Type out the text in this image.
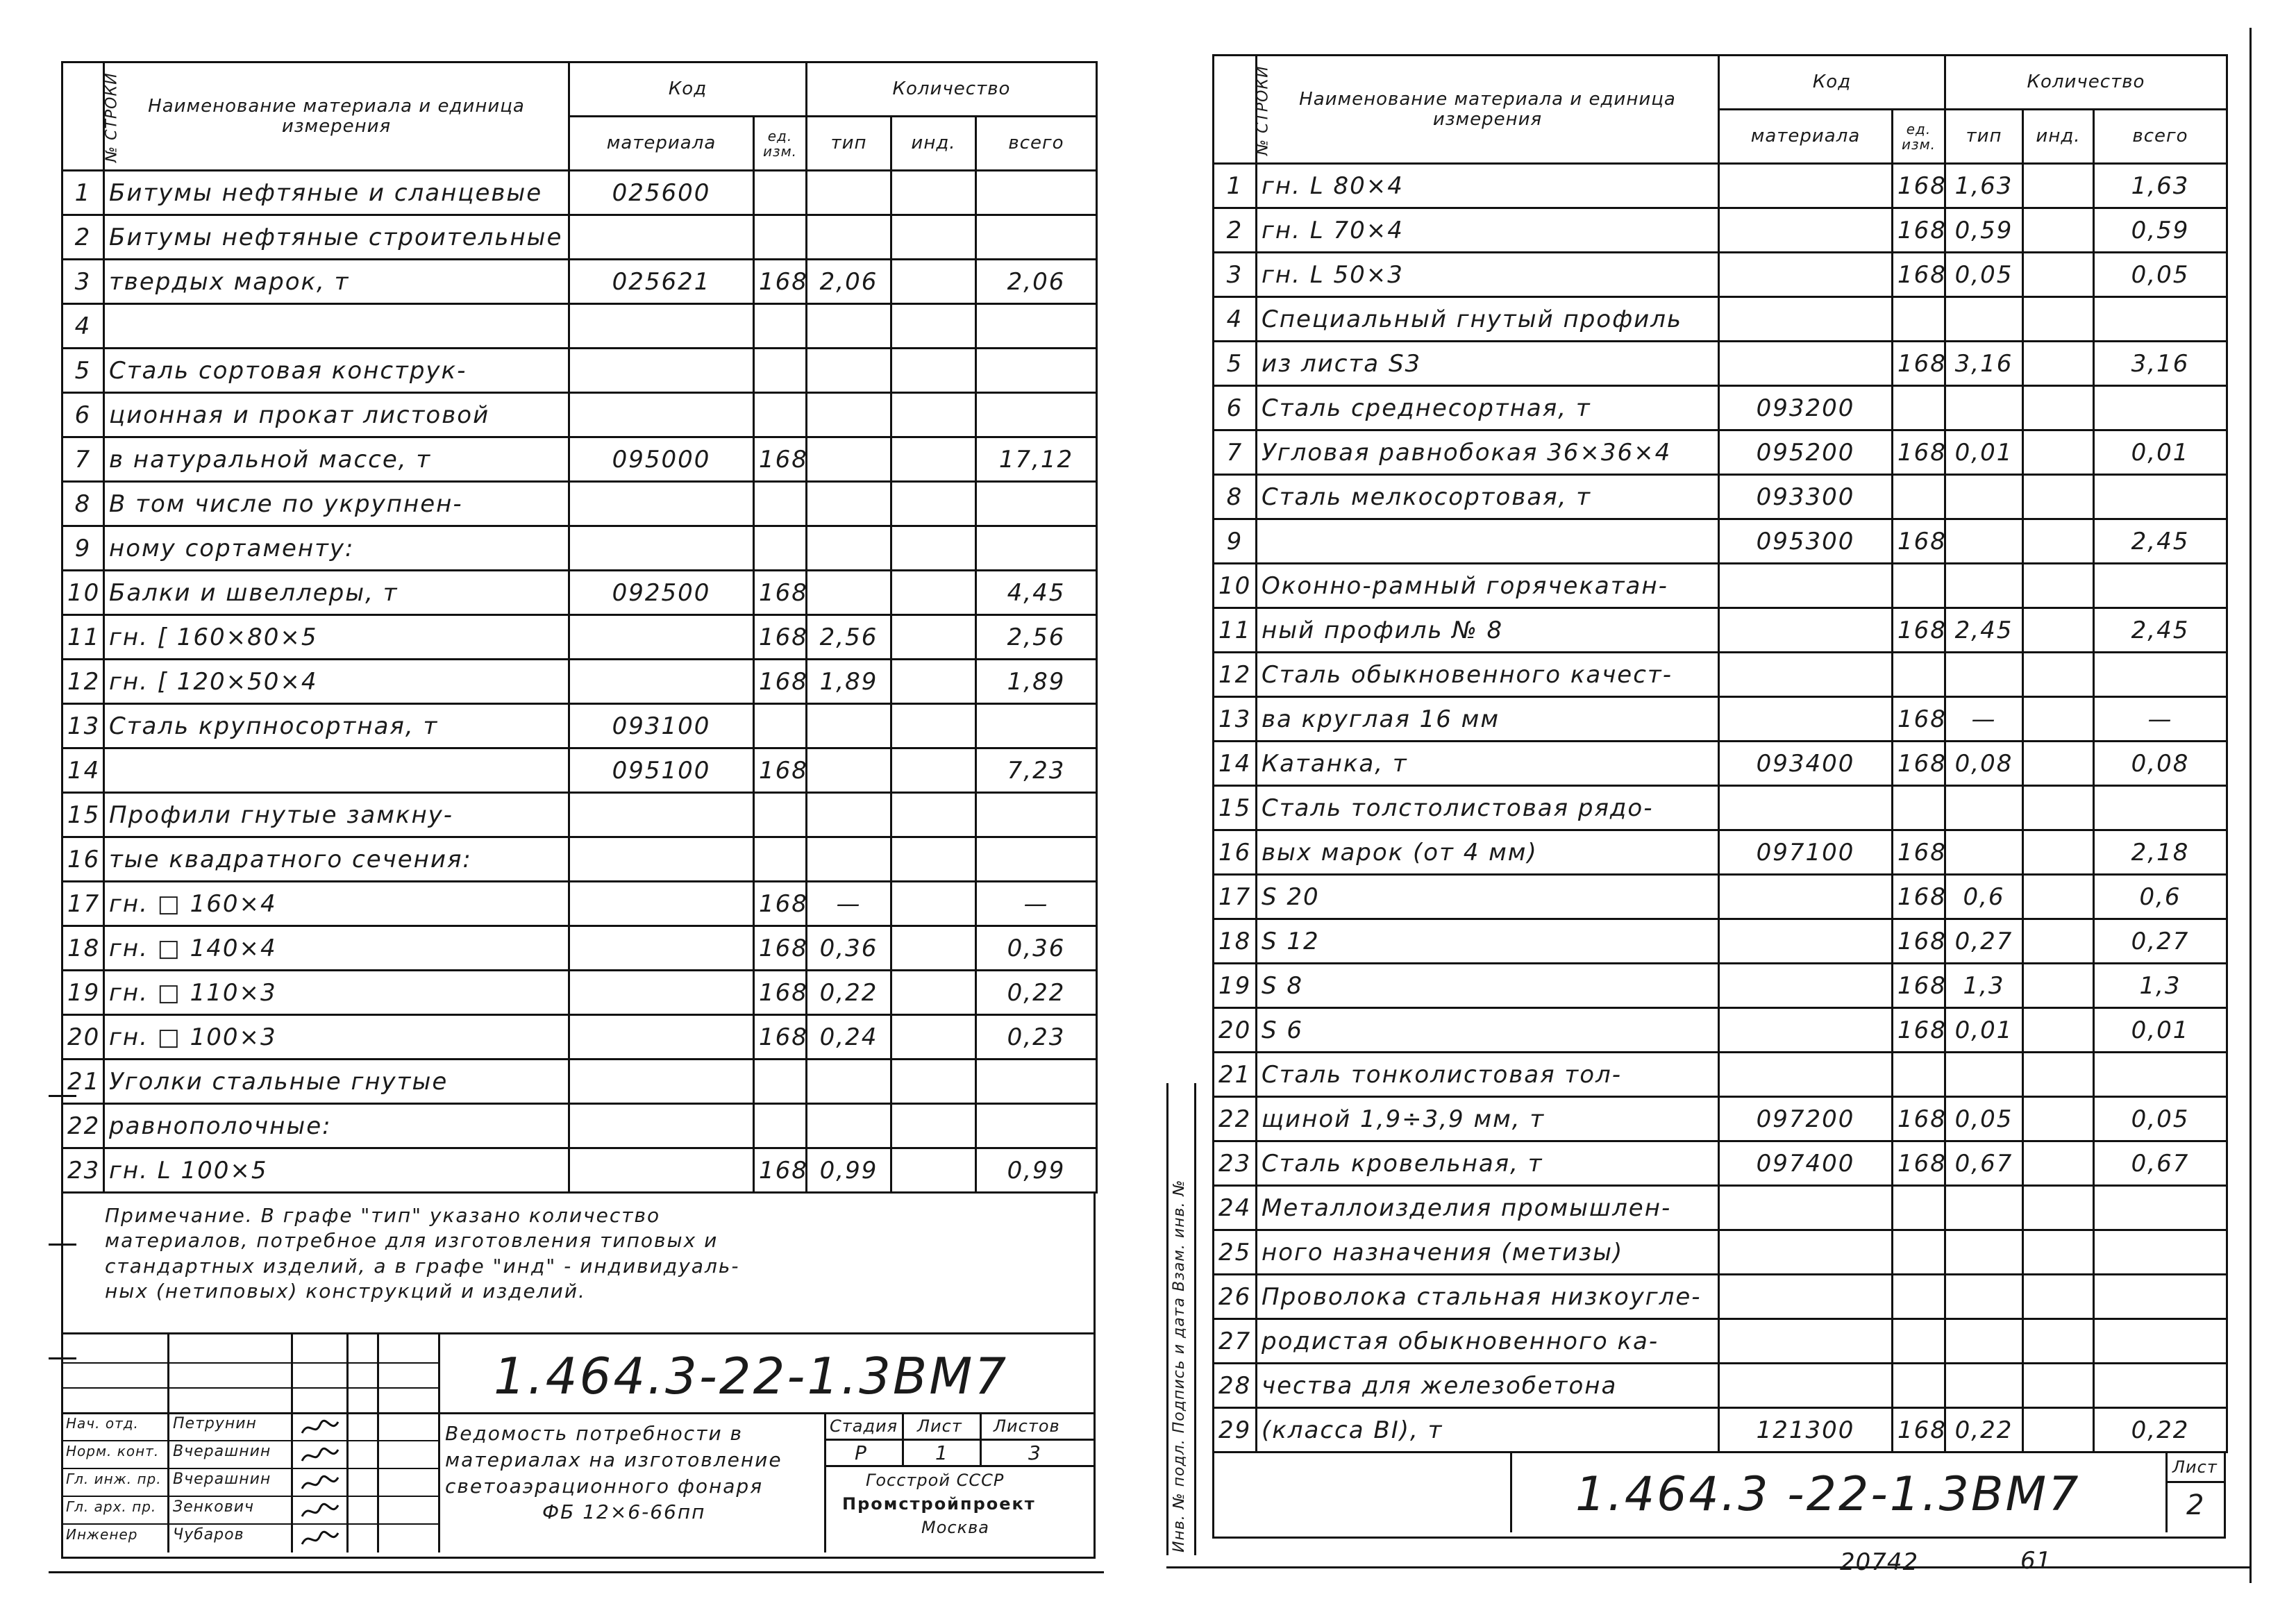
№ СТРОКИ	Наименование материала и единица измерения	Код		Количество		
		материала	ед. изм.	тип	инд.	всего
1	Битумы нефтяные и сланцевые	025600				
2	Битумы нефтяные строительные					
3	твердых марок, т	025621	168	2,06		2,06
4						
5	Сталь сортовая конструк-					
6	ционная и прокат листовой					
7	в натуральной массе, т	095000	168			17,12
8	В том числе по укрупнен-					
9	ному сортаменту:					
10	Балки и швеллеры, т	092500	168			4,45
11	гн. [ 160×80×5		168	2,56		2,56
12	гн. [ 120×50×4		168	1,89		1,89
13	Сталь крупносортная, т	093100				
14		095100	168			7,23
15	Профили гнутые замкну-					
16	тые квадратного сечения:					
17	гн. □ 160×4		168	—		—
18	гн. □ 140×4		168	0,36		0,36
19	гн. □ 110×3		168	0,22		0,22
20	гн. □ 100×3		168	0,24		0,23
21	Уголки стальные гнутые					
22	равнополочные:					
23	гн. L 100×5		168	0,99		0,99
Примечание. В графе "тип" указано количество
материалов, потребное для изготовления типовых и
стандартных изделий, а в графе "инд" - индивидуаль-
ных (нетиповых) конструкций и изделий.
Нач. отд. Петрунин
Норм. конт. Вчерашнин
Гл. инж. пр. Вчерашнин
Гл. арх. пр. Зенкович
Инженер Чубаров
1.464.3-22-1.3ВМ7
Ведомость потребности в
материалах на изготовление
светоаэрационного фонаря
ФБ 12×6-66пп
Стадия Лист Листов
Р	1	3
Госстрой СССР
Промстройпроект
Москва
№ СТРОКИ	Наименование материала и единица измерения	Код		Количество		
		материала	ед. изм.	тип	инд.	всего
1	гн. L 80×4		168	1,63		1,63
2	гн. L 70×4		168	0,59		0,59
3	гн. L 50×3		168	0,05		0,05
4	Специальный гнутый профиль					
5	из листа S3		168	3,16		3,16
6	Сталь среднесортная, т	093200				
7	Угловая равнобокая 36×36×4	095200	168	0,01		0,01
8	Сталь мелкосортовая, т	093300				
9		095300	168			2,45
10	Оконно-рамный горячекатан-					
11	ный профиль № 8		168	2,45		2,45
12	Сталь обыкновенного качест-					
13	ва круглая 16 мм		168	—		—
14	Катанка, т	093400	168	0,08		0,08
15	Сталь толстолистовая рядо-					
16	вых марок (от 4 мм)	097100	168			2,18
17	S 20		168	0,6		0,6
18	S 12		168	0,27		0,27
19	S 8		168	1,3		1,3
20	S 6		168	0,01		0,01
21	Сталь тонколистовая тол-					
22	щиной 1,9÷3,9 мм, т	097200	168	0,05		0,05
23	Сталь кровельная, т	097400	168	0,67		0,67
24	Металлоизделия промышлен-					
25	ного назначения (метизы)					
26	Проволока стальная низкоугле-					
27	родистая обыкновенного ка-					
28	чества для железобетона					
29	(класса BI), т	121300	168	0,22		0,22
1.464.3 -22-1.3ВМ7	Лист
2
Инв. № подл. Подпись и дата Взам. инв. №
20742	61
